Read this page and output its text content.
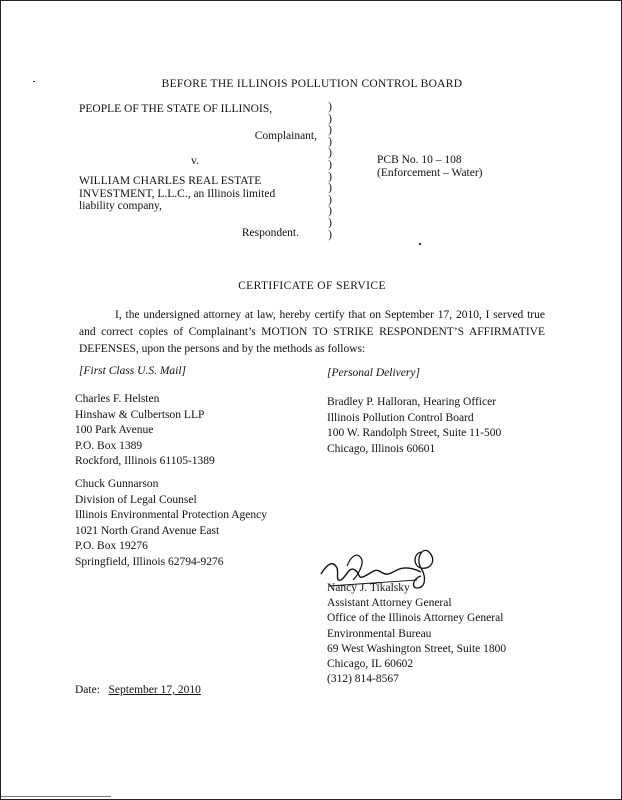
BEFORE THE ILLINOIS POLLUTION CONTROL BOARD
PEOPLE OF THE STATE OF ILLINOIS,
Complainant,
v.
WILLIAM CHARLES REAL ESTATE
INVESTMENT, L.L.C., an Illinois limited
liability company,
Respondent.
)
)
)
)
)
)
)
)
)
)
)
)
PCB No. 10 – 108
(Enforcement – Water)
CERTIFICATE OF SERVICE
I, the undersigned attorney at law, hereby certify that on September 17, 2010, I served true and correct copies of Complainant’s MOTION TO STRIKE RESPONDENT’S AFFIRMATIVE DEFENSES, upon the persons and by the methods as follows:
[First Class U.S. Mail]	[Personal Delivery]
Charles F. Helsten
Hinshaw & Culbertson LLP
100 Park Avenue
P.O. Box 1389
Rockford, Illinois 61105-1389
Chuck Gunnarson
Division of Legal Counsel
Illinois Environmental Protection Agency
1021 North Grand Avenue East
P.O. Box 19276
Springfield, Illinois 62794-9276
Bradley P. Halloran, Hearing Officer
Illinois Pollution Control Board
100 W. Randolph Street, Suite 11-500
Chicago, Illinois 60601
Nancy J. Tikalsky
Assistant Attorney General
Office of the Illinois Attorney General
Environmental Bureau
69 West Washington Street, Suite 1800
Chicago, IL 60602
(312) 814-8567
Date: September 17, 2010
